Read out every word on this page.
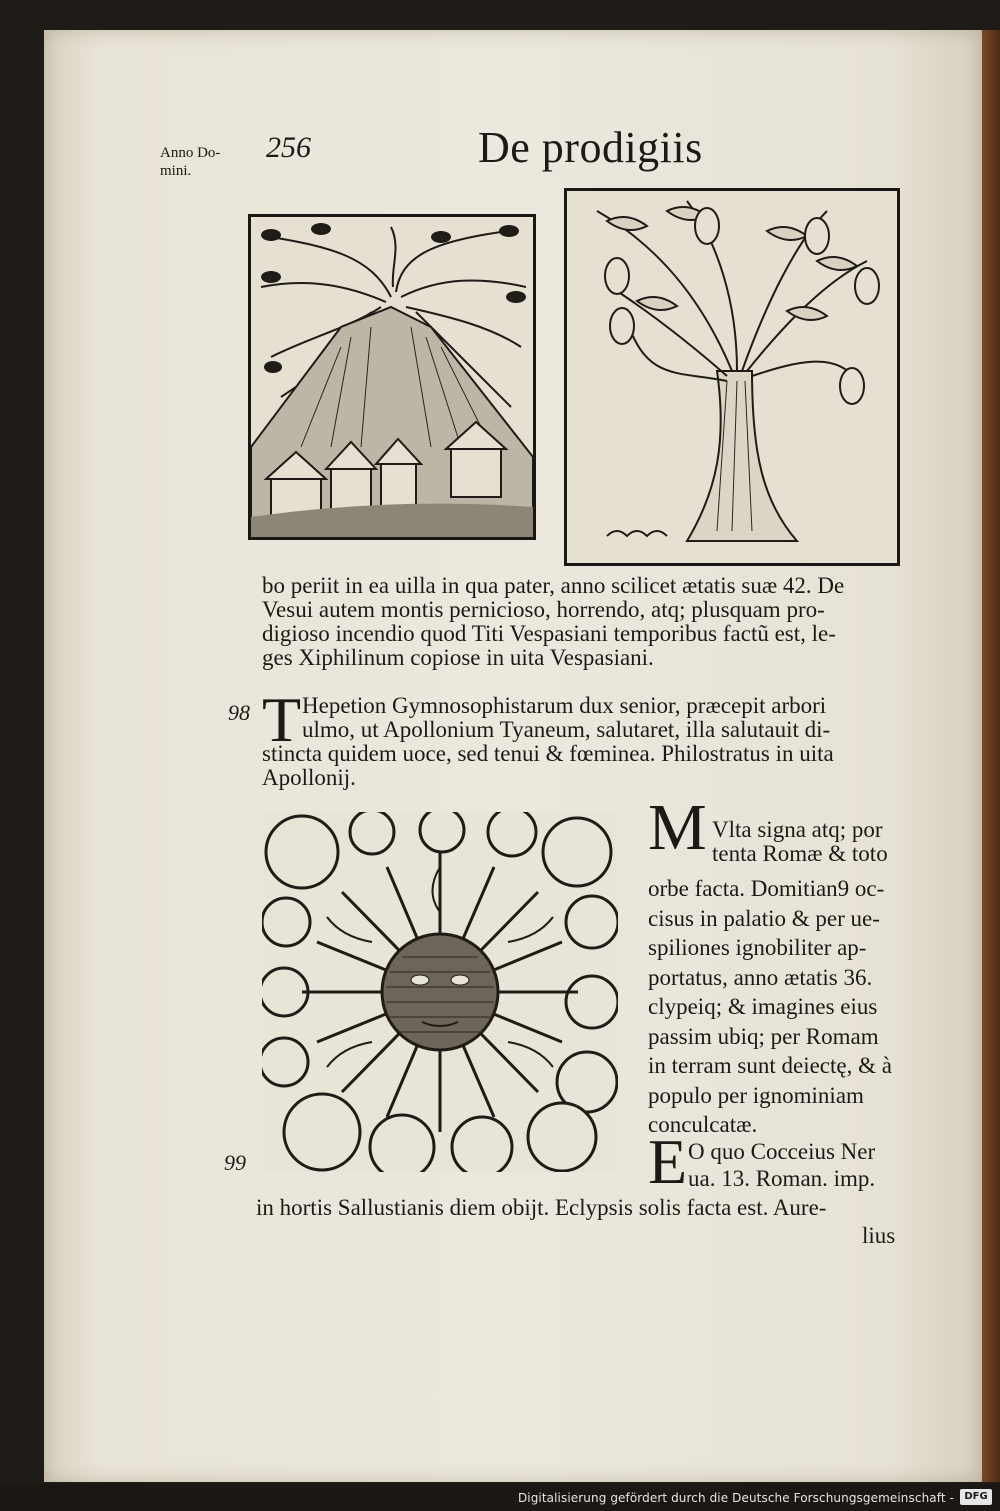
Anno Do-
mini.
256	De prodigiis
bo periit in ea uilla in qua pater, anno scilicet ætatis suæ 42. De
Vesui autem montis pernicioso, horrendo, atq; plusquam pro-
digioso incendio quod Titi Vespasiani temporibus factũ est, le-
ges Xiphilinum copiose in uita Vespasiani.
98 T Hepetion Gymnosophistarum dux senior, præcepit arbori
ulmo, ut Apollonium Tyaneum, salutaret, illa salutauit di-
stincta quidem uoce, sed tenui & fœminea. Philostratus in uita
Apollonij.
M Vlta signa atq; por
tenta Romæ & toto
orbe facta. Domitian9 oc-
cisus in palatio & per ue-
spiliones ignobiliter ap-
portatus, anno ætatis 36.
clypeiq; & imagines eius
passim ubiq; per Romam
in terram sunt deiectę, & à
populo per ignominiam
conculcatæ.
99	E O quo Cocceius Ner
ua. 13. Roman. imp.
in hortis Sallustianis diem obijt. Eclypsis solis facta est. Aure-
lius
Digitalisierung gefördert durch die Deutsche Forschungsgemeinschaft -	DFG
